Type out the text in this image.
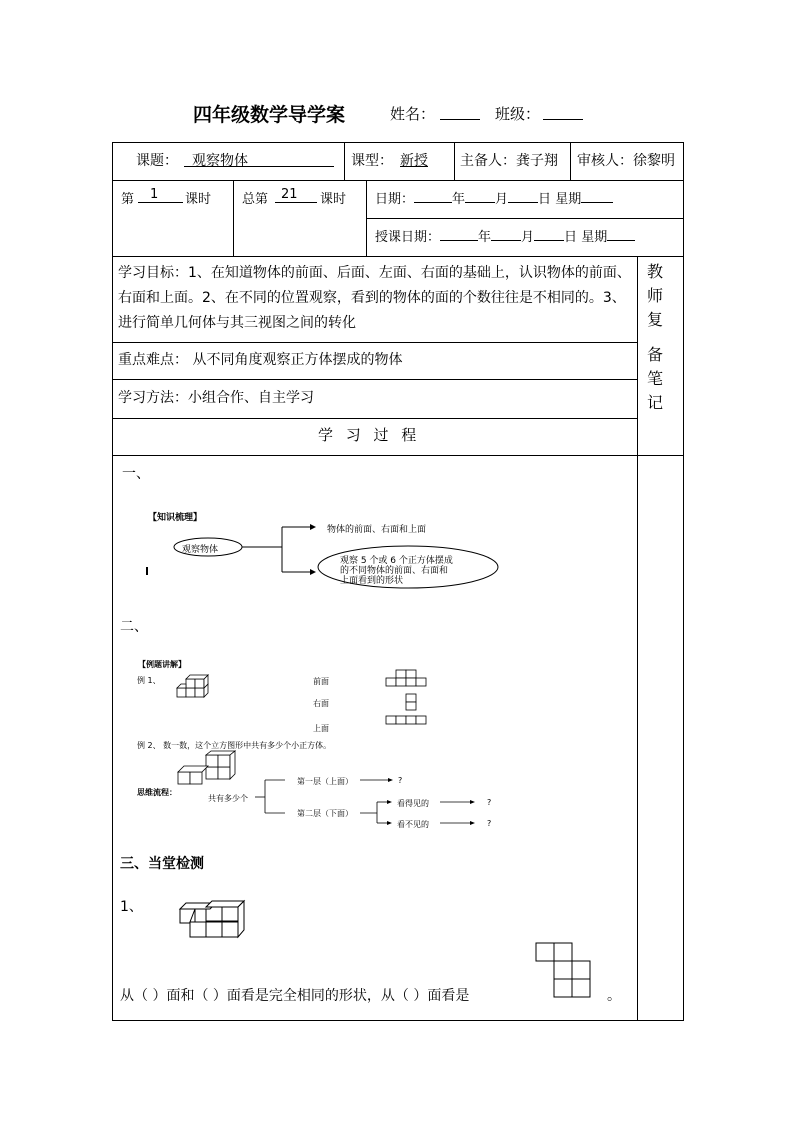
四年级数学导学案	姓名：	班级：
课题：	观察物体	课型： 新授 主备人：龚子翔 审核人：徐黎明
第	1	课时 总第 21	课时 日期：	年 月 日 星期
授课日期：	年 月 日 星期
学习目标：1、在知道物体的前面、后面、左面、右面的基础上，认识物体的前面、
右面和上面。2、在不同的位置观察，看到的物体的面的个数往往是不相同的。3、
进行简单几何体与其三视图之间的转化
重点难点： 从不同角度观察正方体摆成的物体
学习方法：小组合作、自主学习
学 习 过 程
教
师
复
备
笔
记
一、
【知识梳理】
观察物体
物体的前面、右面和上面
观察 5 个或 6 个正方体摆成
的不同物体的前面、右面和
上面看到的形状
二、
【例题讲解】
例 1、	前面
右面
上面
例 2、 数一数，这个立方图形中共有多少个小正方体。
思维流程：
共有多少个
第一层（上面）	?
第二层（下面）
看得见的	?
看不见的	?
三、当堂检测
1、
从（ ）面和（ ）面看是完全相同的形状，从（ ）面看是	。
